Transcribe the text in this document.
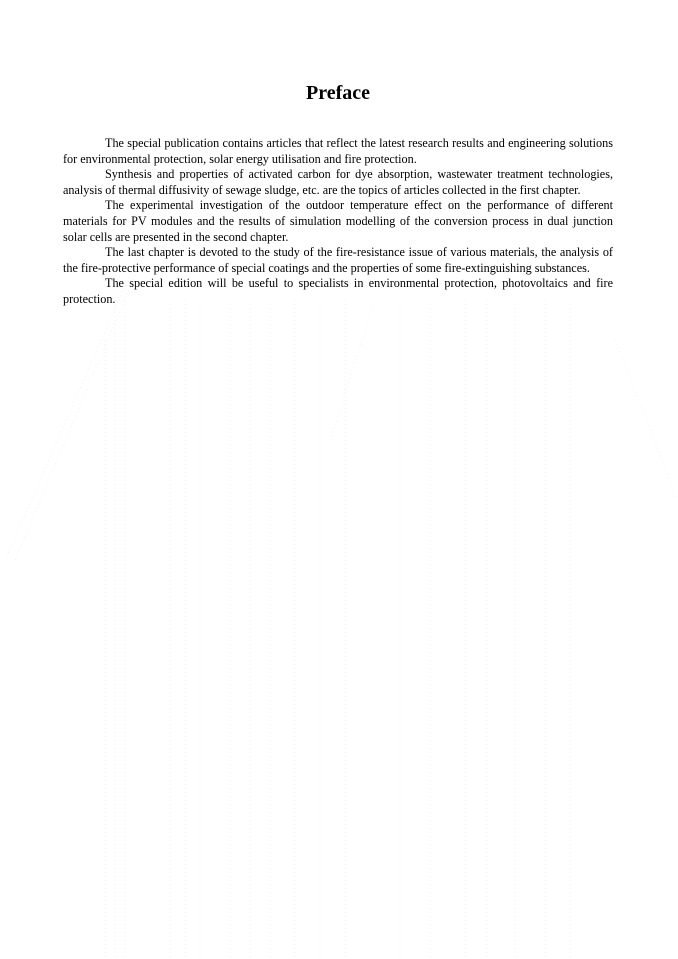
Preface

The special publication contains articles that reflect the latest research results and engineering solutions for environmental protection, solar energy utilisation and fire protection.

Synthesis and properties of activated carbon for dye absorption, wastewater treatment technologies, analysis of thermal diffusivity of sewage sludge, etc. are the topics of articles collected in the first chapter.

The experimental investigation of the outdoor temperature effect on the performance of different materials for PV modules and the results of simulation modelling of the conversion process in dual junction solar cells are presented in the second chapter.

The last chapter is devoted to the study of the fire-resistance issue of various materials, the analysis of the fire-protective performance of special coatings and the properties of some fire-extinguishing substances.

The special edition will be useful to specialists in environmental protection, photovoltaics and fire protection.
